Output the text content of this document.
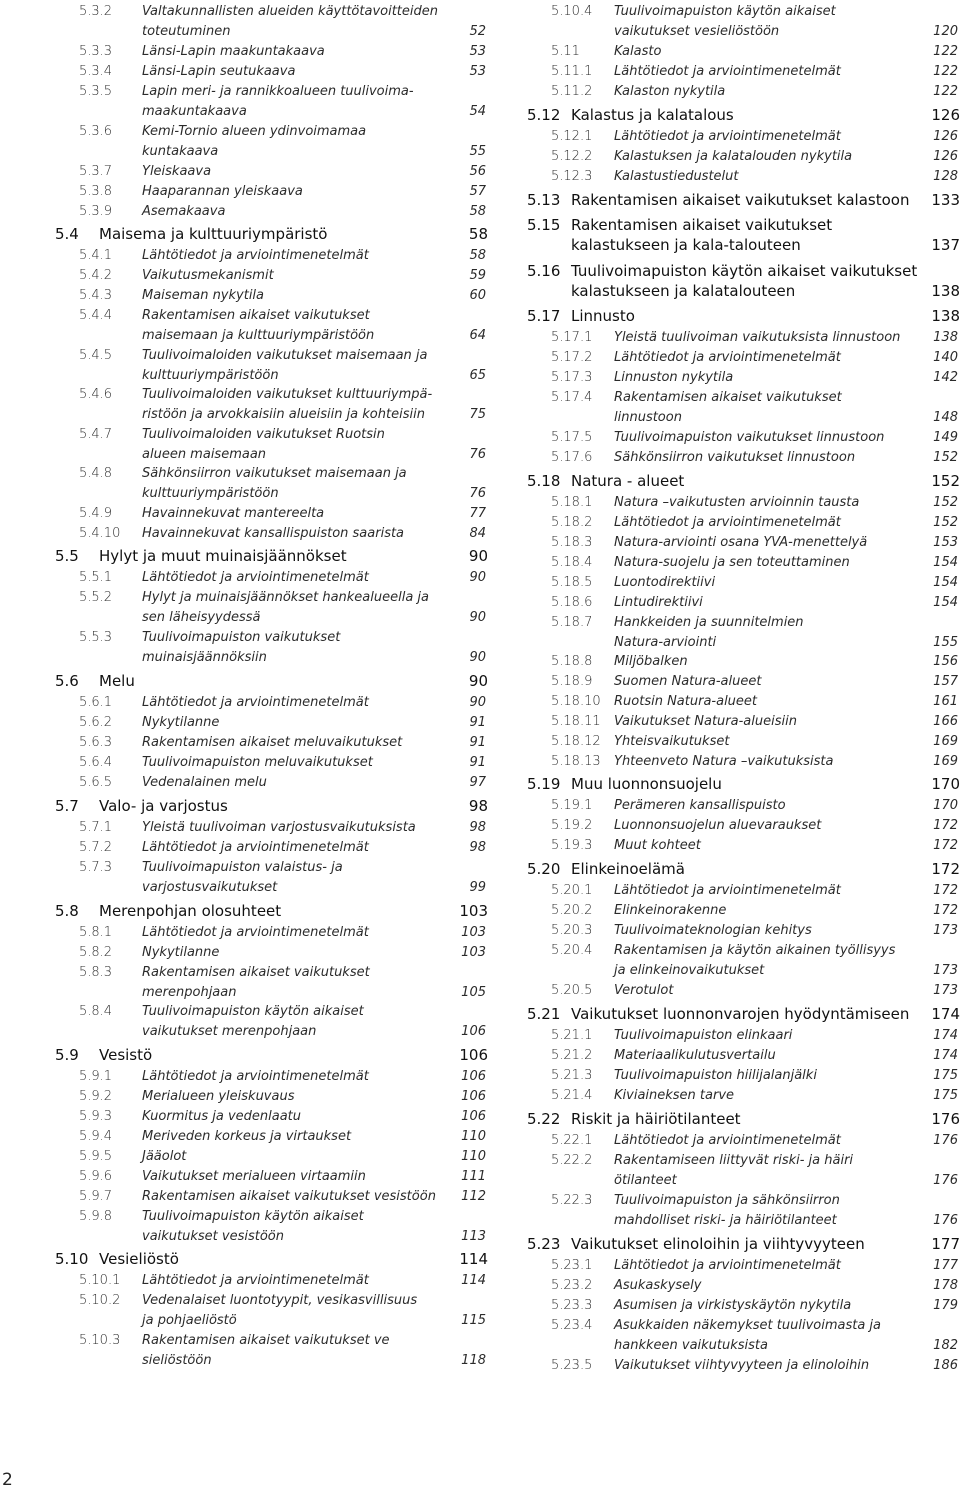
5.3.2 Valtakunnallisten alueiden käyttötavoitteiden
toteutuminen	52
5.3.3 Länsi-Lapin maakuntakaava	53
5.3.4 Länsi-Lapin seutukaava	53
5.3.5 Lapin meri- ja rannikkoalueen tuulivoima-
maakuntakaava	54
5.3.6 Kemi-Tornio alueen ydinvoimamaa
kuntakaava	55
5.3.7 Yleiskaava	56
5.3.8 Haaparannan yleiskaava	57
5.3.9 Asemakaava	58
5.4 Maisema ja kulttuuriympäristö	58
5.4.1 Lähtötiedot ja arviointimenetelmät	58
5.4.2 Vaikutusmekanismit	59
5.4.3 Maiseman nykytila	60
5.4.4 Rakentamisen aikaiset vaikutukset
maisemaan ja kulttuuriympäristöön	64
5.4.5 Tuulivoimaloiden vaikutukset maisemaan ja
kulttuuriympäristöön	65
5.4.6 Tuulivoimaloiden vaikutukset kulttuuriympä-
ristöön ja arvokkaisiin alueisiin ja kohteisiin	75
5.4.7 Tuulivoimaloiden vaikutukset Ruotsin
alueen maisemaan	76
5.4.8 Sähkönsiirron vaikutukset maisemaan ja
kulttuuriympäristöön	76
5.4.9 Havainnekuvat mantereelta	77
5.4.10 Havainnekuvat kansallispuiston saarista	84
5.5 Hylyt ja muut muinaisjäännökset	90
5.5.1 Lähtötiedot ja arviointimenetelmät	90
5.5.2 Hylyt ja muinaisjäännökset hankealueella ja
sen läheisyydessä	90
5.5.3 Tuulivoimapuiston vaikutukset
muinaisjäännöksiin	90
5.6 Melu	90
5.6.1 Lähtötiedot ja arviointimenetelmät	90
5.6.2 Nykytilanne	91
5.6.3 Rakentamisen aikaiset meluvaikutukset	91
5.6.4 Tuulivoimapuiston meluvaikutukset	91
5.6.5 Vedenalainen melu	97
5.7 Valo- ja varjostus	98
5.7.1 Yleistä tuulivoiman varjostusvaikutuksista	98
5.7.2 Lähtötiedot ja arviointimenetelmät	98
5.7.3 Tuulivoimapuiston valaistus- ja
varjostusvaikutukset	99
5.8 Merenpohjan olosuhteet	103
5.8.1 Lähtötiedot ja arviointimenetelmät	103
5.8.2 Nykytilanne	103
5.8.3 Rakentamisen aikaiset vaikutukset
merenpohjaan	105
5.8.4 Tuulivoimapuiston käytön aikaiset
vaikutukset merenpohjaan	106
5.9 Vesistö	106
5.9.1 Lähtötiedot ja arviointimenetelmät	106
5.9.2 Merialueen yleiskuvaus	106
5.9.3 Kuormitus ja vedenlaatu	106
5.9.4 Meriveden korkeus ja virtaukset	110
5.9.5 Jääolot	110
5.9.6 Vaikutukset merialueen virtaamiin	111
5.9.7 Rakentamisen aikaiset vaikutukset vesistöön 112
5.9.8 Tuulivoimapuiston käytön aikaiset
vaikutukset vesistöön	113
5.10 Vesieliöstö	114
5.10.1 Lähtötiedot ja arviointimenetelmät	114
5.10.2 Vedenalaiset luontotyypit, vesikasvillisuus
ja pohjaeliöstö	115
5.10.3 Rakentamisen aikaiset vaikutukset ve
sieliöstöön	118
5.10.4 Tuulivoimapuiston käytön aikaiset
vaikutukset vesieliöstöön	120
5.11	Kalasto	122
5.11.1 Lähtötiedot ja arviointimenetelmät	122
5.11.2 Kalaston nykytila	122
5.12 Kalastus ja kalatalous	126
5.12.1 Lähtötiedot ja arviointimenetelmät	126
5.12.2 Kalastuksen ja kalatalouden nykytila	126
5.12.3 Kalastustiedustelut	128
5.13 Rakentamisen aikaiset vaikutukset kalastoon 133
5.15 Rakentamisen aikaiset vaikutukset
kalastukseen ja kala-talouteen	137
5.16 Tuulivoimapuiston käytön aikaiset vaikutukset
kalastukseen ja kalatalouteen	138
5.17 Linnusto	138
5.17.1 Yleistä tuulivoiman vaikutuksista linnustoon	138
5.17.2 Lähtötiedot ja arviointimenetelmät	140
5.17.3 Linnuston nykytila	142
5.17.4 Rakentamisen aikaiset vaikutukset
linnustoon	148
5.17.5 Tuulivoimapuiston vaikutukset linnustoon	149
5.17.6 Sähkönsiirron vaikutukset linnustoon	152
5.18 Natura - alueet	152
5.18.1 Natura –vaikutusten arvioinnin tausta	152
5.18.2 Lähtötiedot ja arviointimenetelmät	152
5.18.3 Natura-arviointi osana YVA-menettelyä	153
5.18.4 Natura-suojelu ja sen toteuttaminen	154
5.18.5 Luontodirektiivi	154
5.18.6 Lintudirektiivi	154
5.18.7 Hankkeiden ja suunnitelmien
Natura-arviointi	155
5.18.8 Miljöbalken	156
5.18.9 Suomen Natura-alueet	157
5.18.10 Ruotsin Natura-alueet	161
5.18.11 Vaikutukset Natura-alueisiin	166
5.18.12 Yhteisvaikutukset	169
5.18.13 Yhteenveto Natura –vaikutuksista	169
5.19 Muu luonnonsuojelu	170
5.19.1 Perämeren kansallispuisto	170
5.19.2 Luonnonsuojelun aluevaraukset	172
5.19.3 Muut kohteet	172
5.20 Elinkeinoelämä	172
5.20.1 Lähtötiedot ja arviointimenetelmät	172
5.20.2 Elinkeinorakenne	172
5.20.3 Tuulivoimateknologian kehitys	173
5.20.4 Rakentamisen ja käytön aikainen työllisyys
ja elinkeinovaikutukset	173
5.20.5 Verotulot	173
5.21 Vaikutukset luonnonvarojen hyödyntämiseen 174
5.21.1 Tuulivoimapuiston elinkaari	174
5.21.2 Materiaalikulutusvertailu	174
5.21.3 Tuulivoimapuiston hiilijalanjälki	175
5.21.4 Kiviaineksen tarve	175
5.22 Riskit ja häiriötilanteet	176
5.22.1 Lähtötiedot ja arviointimenetelmät	176
5.22.2 Rakentamiseen liittyvät riski- ja häiri
ötilanteet	176
5.22.3 Tuulivoimapuiston ja sähkönsiirron
mahdolliset riski- ja häiriötilanteet	176
5.23 Vaikutukset elinoloihin ja viihtyvyyteen	177
5.23.1 Lähtötiedot ja arviointimenetelmät	177
5.23.2 Asukaskysely	178
5.23.3 Asumisen ja virkistyskäytön nykytila	179
5.23.4 Asukkaiden näkemykset tuulivoimasta ja
hankkeen vaikutuksista	182
5.23.5 Vaikutukset viihtyvyyteen ja elinoloihin	186
2
